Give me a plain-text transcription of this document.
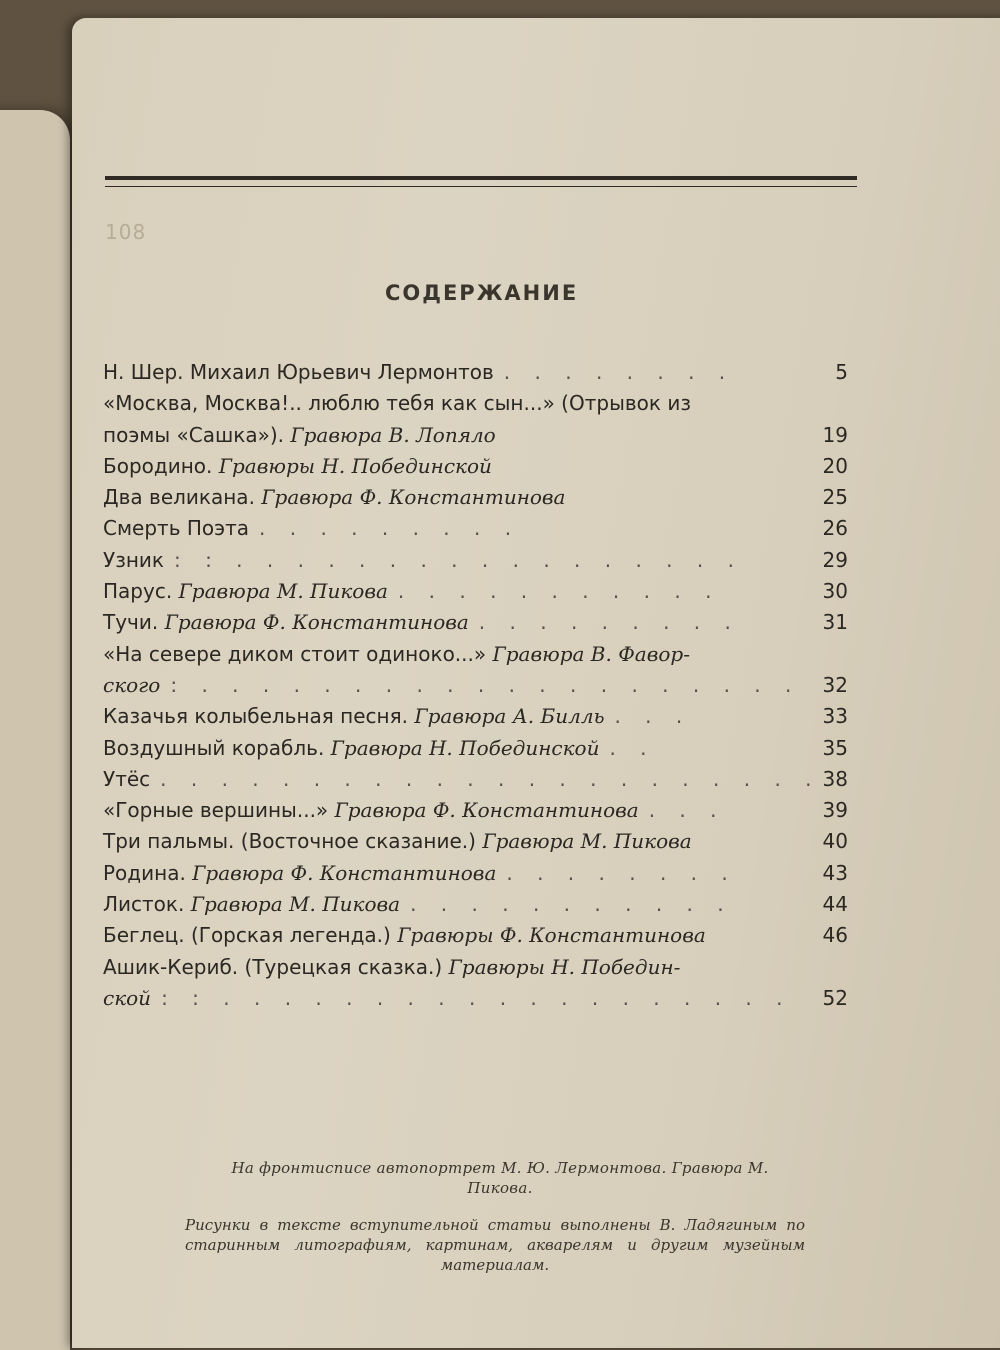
108
СОДЕРЖАНИЕ
Н. Шер. Михаил Юрьевич Лермонтов . . . . . . . .	5
«Москва, Москва!.. люблю тебя как сын...» (Отрывок из
поэмы «Сашка»). Гравюра В. Лопяло	19
Бородино. Гравюры Н. Побединской	20
Два великана. Гравюра Ф. Константинова	25
Смерть Поэта . . . . . . . . .	26
Узник : : . . . . . . . . . . . . . . . . .	29
Парус. Гравюра М. Пикова . . . . . . . . . . .	30
Тучи. Гравюра Ф. Константинова . . . . . . . . .	31
«На севере диком стоит одиноко...» Гравюра В. Фавор-
ского : . . . . . . . . . . . . . . . . . . . . 32
Казачья колыбельная песня. Гравюра А. Билль . . .	33
Воздушный корабль. Гравюра Н. Побединской . .	35
Утёс . . . . . . . . . . . . . . . . . . . . . . 38
«Горные вершины...» Гравюра Ф. Константинова . . .	39
Три пальмы. (Восточное сказание.) Гравюра М. Пикова	40
Родина. Гравюра Ф. Константинова . . . . . . . .	43
Листок. Гравюра М. Пикова . . . . . . . . . . .	44
Беглец. (Горская легенда.) Гравюры Ф. Константинова	46
Ашик-Кериб. (Турецкая сказка.) Гравюры Н. Победин-
ской : : . . . . . . . . . . . . . . . . . . . 52
На фронтисписе автопортрет М. Ю. Лермонтова. Гравюра М. Пикова.
Рисунки в тексте вступительной статьи выполнены В. Ладягиным по старинным литографиям, картинам, акварелям и другим музейным материалам.
